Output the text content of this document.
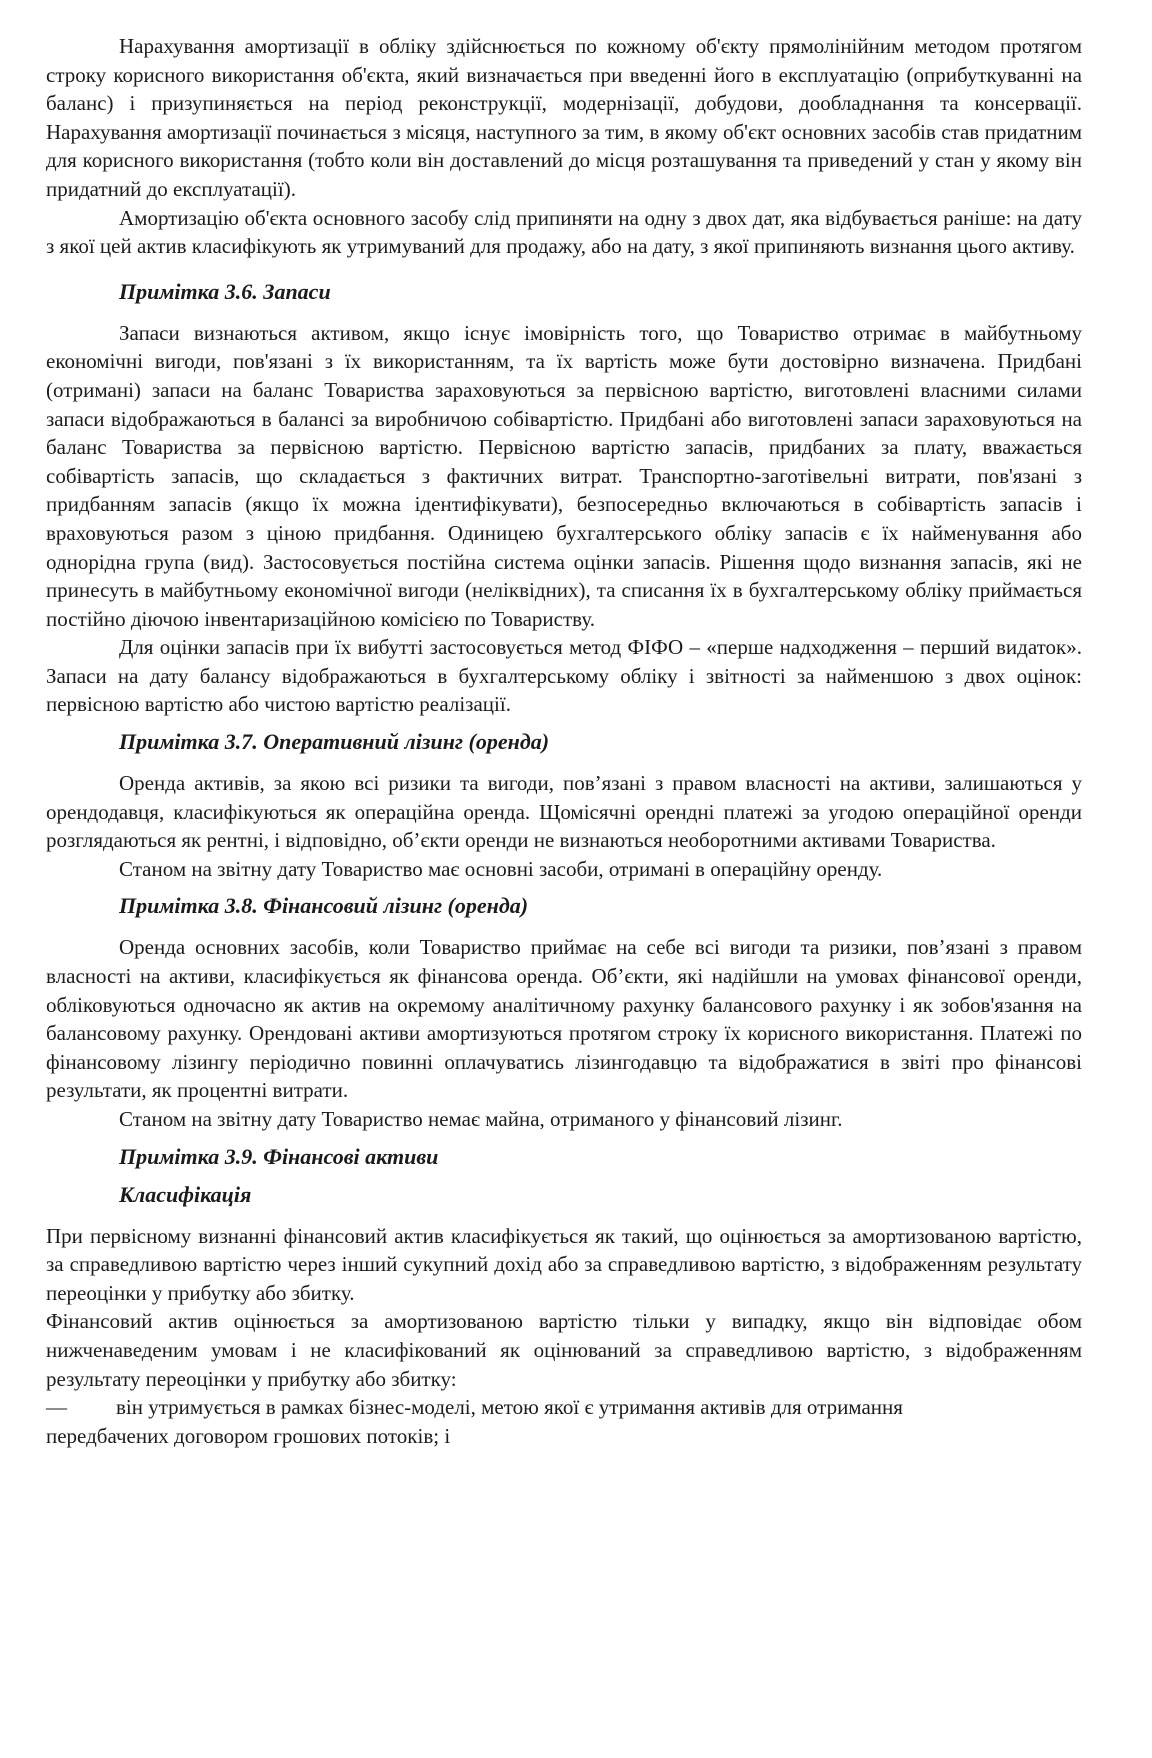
Нарахування амортизації в обліку здійснюється по кожному об'єкту прямолінійним методом протягом строку корисного використання об'єкта, який визначається при введенні його в експлуатацію (оприбуткуванні на баланс) і призупиняється на період реконструкції, модернізації, добудови, дообладнання та консервації. Нарахування амортизації починається з місяця, наступного за тим, в якому об'єкт основних засобів став придатним для корисного використання (тобто коли він доставлений до місця розташування та приведений у стан у якому він придатний до експлуатації).

Амортизацію об'єкта основного засобу слід припиняти на одну з двох дат, яка відбувається раніше: на дату з якої цей актив класифікують як утримуваний для продажу, або на дату, з якої припиняють визнання цього активу.

Примітка 3.6. Запаси

Запаси визнаються активом, якщо існує імовірність того, що Товариство отримає в майбутньому економічні вигоди, пов'язані з їх використанням, та їх вартість може бути достовірно визначена. Придбані (отримані) запаси на баланс Товариства зараховуються за первісною вартістю, виготовлені власними силами запаси відображаються в балансі за виробничою собівартістю. Придбані або виготовлені запаси зараховуються на баланс Товариства за первісною вартістю. Первісною вартістю запасів, придбаних за плату, вважається собівартість запасів, що складається з фактичних витрат. Транспортно-заготівельні витрати, пов'язані з придбанням запасів (якщо їх можна ідентифікувати), безпосередньо включаються в собівартість запасів і враховуються разом з ціною придбання. Одиницею бухгалтерського обліку запасів є їх найменування або однорідна група (вид). Застосовується постійна система оцінки запасів. Рішення щодо визнання запасів, які не принесуть в майбутньому економічної вигоди (неліквідних), та списання їх в бухгалтерському обліку приймається постійно діючою інвентаризаційною комісією по Товариству.

Для оцінки запасів при їх вибутті застосовується метод ФІФО – «перше надходження – перший видаток». Запаси на дату балансу відображаються в бухгалтерському обліку і звітності за найменшою з двох оцінок: первісною вартістю або чистою вартістю реалізації.

Примітка 3.7. Оперативний лізинг (оренда)

Оренда активів, за якою всі ризики та вигоди, пов’язані з правом власності на активи, залишаються у орендодавця, класифікуються як операційна оренда. Щомісячні орендні платежі за угодою операційної оренди розглядаються як рентні, і відповідно, об’єкти оренди не визнаються необоротними активами Товариства.

Станом на звітну дату Товариство має основні засоби, отримані в операційну оренду.

Примітка 3.8. Фінансовий лізинг (оренда)

Оренда основних засобів, коли Товариство приймає на себе всі вигоди та ризики, пов’язані з правом власності на активи, класифікується як фінансова оренда. Об’єкти, які надійшли на умовах фінансової оренди, обліковуються одночасно як актив на окремому аналітичному рахунку балансового рахунку і як зобов'язання на балансовому рахунку. Орендовані активи амортизуються протягом строку їх корисного використання. Платежі по фінансовому лізингу періодично повинні оплачуватись лізингодавцю та відображатися в звіті про фінансові результати, як процентні витрати.

Станом на звітну дату Товариство немає майна, отриманого у фінансовий лізинг.

Примітка 3.9. Фінансові активи
Класифікація

При первісному визнанні фінансовий актив класифікується як такий, що оцінюється за амортизованою вартістю, за справедливою вартістю через інший сукупний дохід або за справедливою вартістю, з відображенням результату переоцінки у прибутку або збитку.

Фінансовий актив оцінюється за амортизованою вартістю тільки у випадку, якщо він відповідає обом нижченаведеним умовам і не класифікований як оцінюваний за справедливою вартістю, з відображенням результату переоцінки у прибутку або збитку:

—	він утримується в рамках бізнес-моделі, метою якої є утримання активів для отримання

передбачених договором грошових потоків; і
